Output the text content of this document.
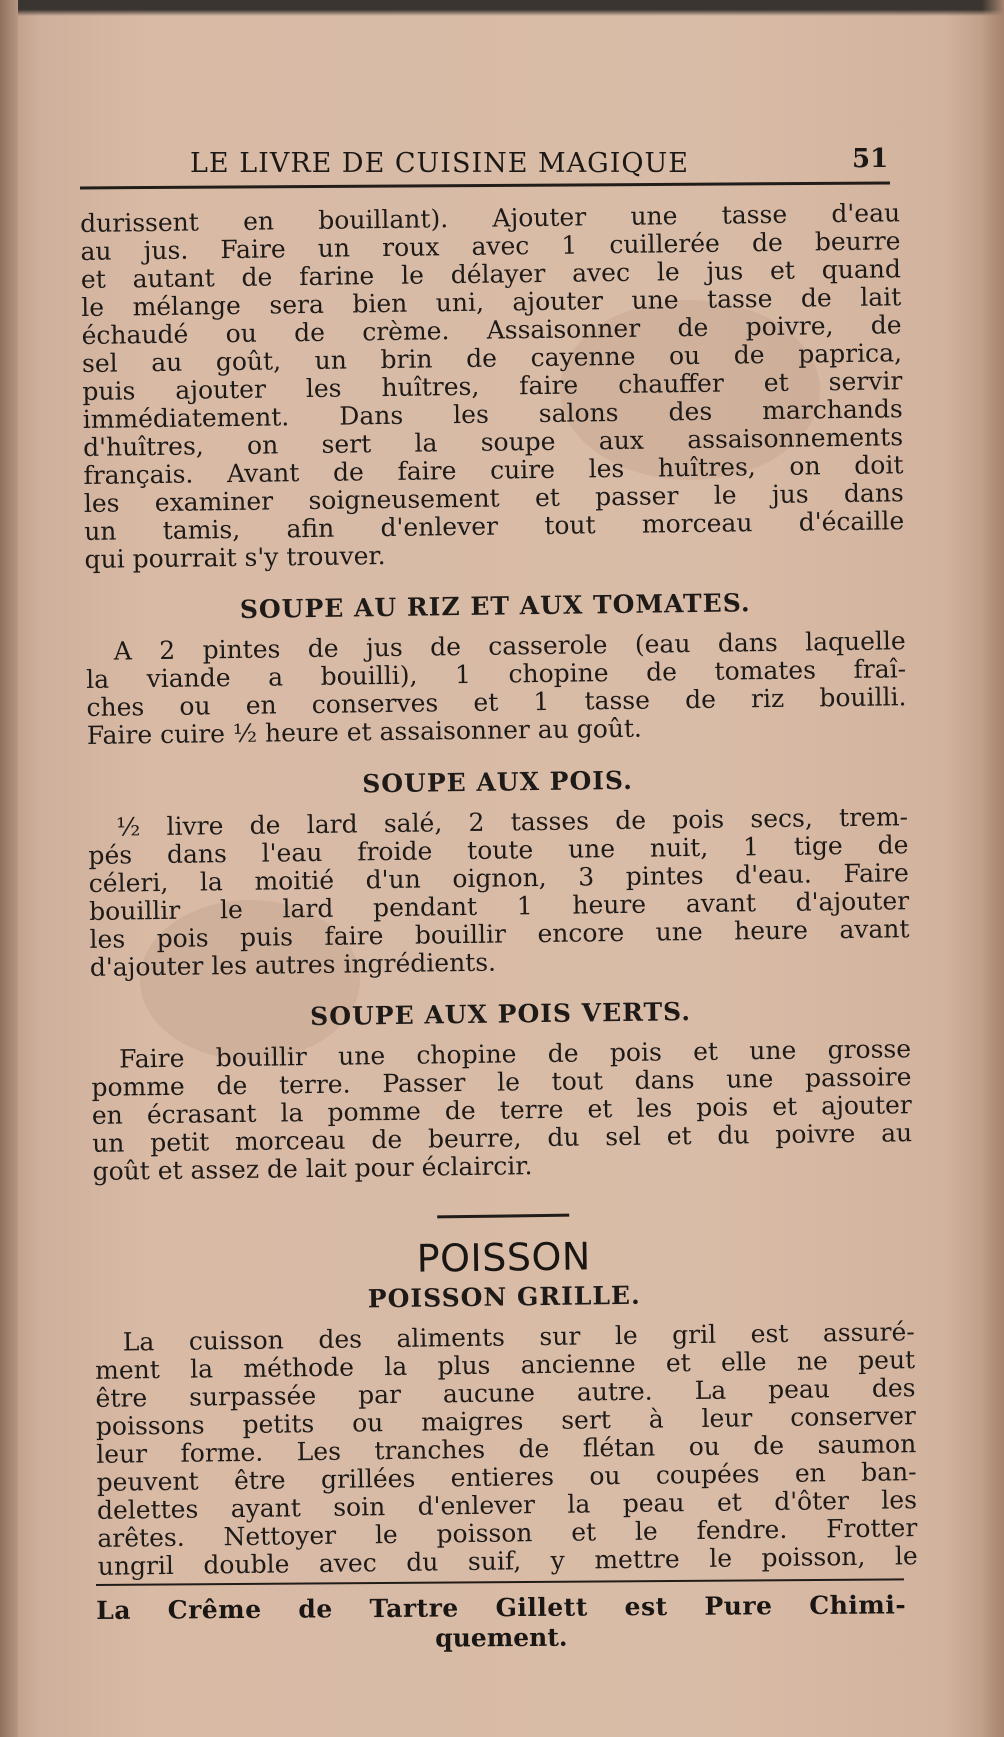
LE LIVRE DE CUISINE MAGIQUE	51
durissent en bouillant). Ajouter une tasse d'eau
au jus. Faire un roux avec 1 cuillerée de beurre
et autant de farine le délayer avec le jus et quand
le mélange sera bien uni, ajouter une tasse de lait
échaudé ou de crème. Assaisonner de poivre, de
sel au goût, un brin de cayenne ou de paprica,
puis ajouter les huîtres, faire chauffer et servir
immédiatement. Dans les salons des marchands
d'huîtres, on sert la soupe aux assaisonnements
français. Avant de faire cuire les huîtres, on doit
les examiner soigneusement et passer le jus dans
un tamis, afin d'enlever tout morceau d'écaille
qui pourrait s'y trouver.
SOUPE AU RIZ ET AUX TOMATES.
A 2 pintes de jus de casserole (eau dans laquelle
la viande a bouilli), 1 chopine de tomates fraî-
ches ou en conserves et 1 tasse de riz bouilli.
Faire cuire ½ heure et assaisonner au goût.
SOUPE AUX POIS.
½ livre de lard salé, 2 tasses de pois secs, trem-
pés dans l'eau froide toute une nuit, 1 tige de
céleri, la moitié d'un oignon, 3 pintes d'eau. Faire
bouillir le lard pendant 1 heure avant d'ajouter
les pois puis faire bouillir encore une heure avant
d'ajouter les autres ingrédients.
SOUPE AUX POIS VERTS.
Faire bouillir une chopine de pois et une grosse
pomme de terre. Passer le tout dans une passoire
en écrasant la pomme de terre et les pois et ajouter
un petit morceau de beurre, du sel et du poivre au
goût et assez de lait pour éclaircir.
POISSON
POISSON GRILLE.
La cuisson des aliments sur le gril est assuré-
ment la méthode la plus ancienne et elle ne peut
être surpassée par aucune autre. La peau des
poissons petits ou maigres sert à leur conserver
leur forme. Les tranches de flétan ou de saumon
peuvent être grillées entieres ou coupées en ban-
delettes ayant soin d'enlever la peau et d'ôter les
arêtes. Nettoyer le poisson et le fendre. Frotter
ungril double avec du suif, y mettre le poisson, le
La Crême de Tartre Gillett est Pure Chimi-
quement.
